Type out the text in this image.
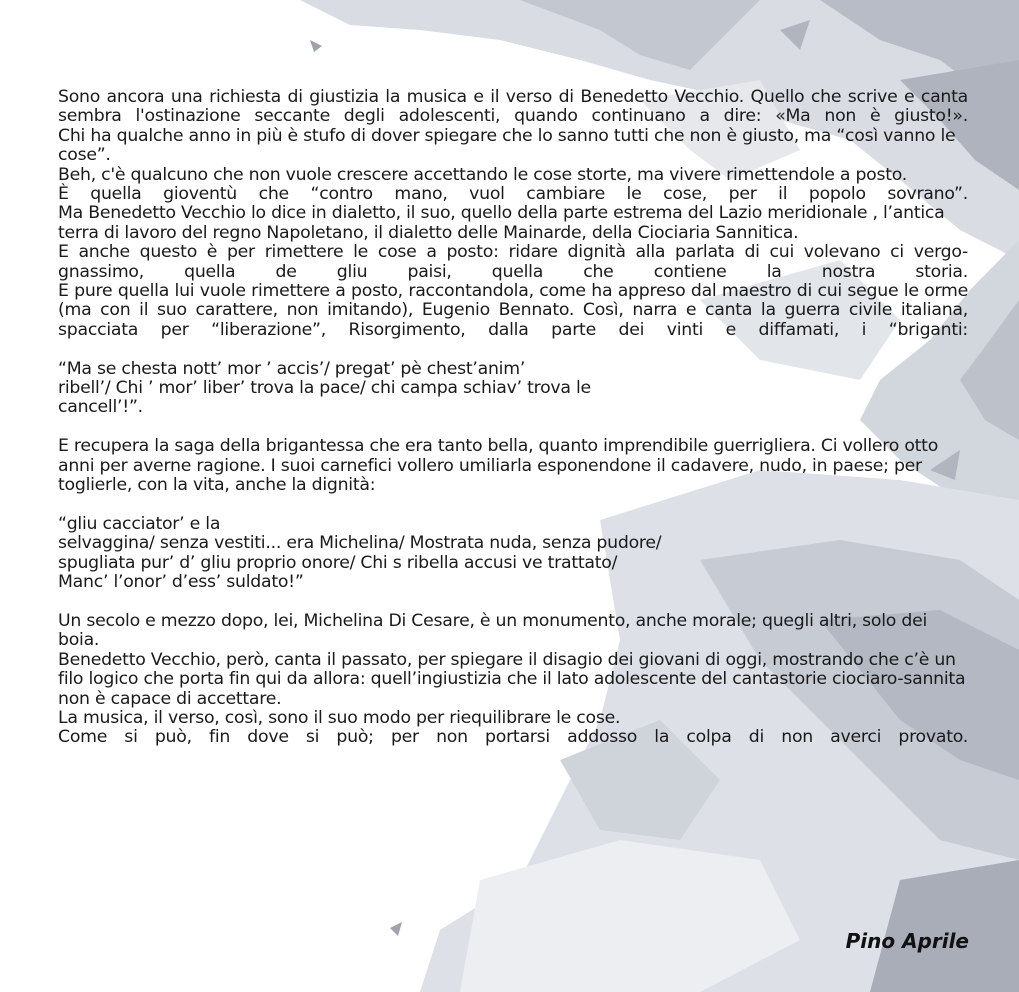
Sono ancora una richiesta di giustizia la musica e il verso di Benedetto Vecchio. Quello che scrive e canta sembra l'ostinazione seccante degli adolescenti, quando continuano a dire: «Ma non è giusto!».

Chi ha qualche anno in più è stufo di dover spiegare che lo sanno tutti che non è giusto, ma “così vanno le cose”.

Beh, c'è qualcuno che non vuole crescere accettando le cose storte, ma vivere rimettendole a posto.

È quella gioventù che “contro mano, vuol cambiare le cose, per il popolo sovrano”.

Ma Benedetto Vecchio lo dice in dialetto, il suo, quello della parte estrema del Lazio meridionale , l’antica terra di lavoro del regno Napoletano, il dialetto delle Mainarde, della Ciociaria Sannitica.

E anche questo è per rimettere le cose a posto: ridare dignità alla parlata di cui volevano ci vergo-gnassimo, quella de gliu paisi, quella che contiene la nostra storia.

E pure quella lui vuole rimettere a posto, raccontandola, come ha appreso dal maestro di cui segue le orme (ma con il suo carattere, non imitando), Eugenio Bennato. Così, narra e canta la guerra civile italiana, spacciata per “liberazione”, Risorgimento, dalla parte dei vinti e diffamati, i “briganti:

“Ma se chesta nott’ mor ’ accis’/ pregat’ pè chest’anim’

ribell’/ Chi ’ mor’ liber’ trova la pace/ chi campa schiav’ trova le

cancell’!”.

E recupera la saga della brigantessa che era tanto bella, quanto imprendibile guerrigliera. Ci vollero otto anni per averne ragione. I suoi carnefici vollero umiliarla esponendone il cadavere, nudo, in paese; per toglierle, con la vita, anche la dignità:

“gliu cacciator’ e la

selvaggina/ senza vestiti... era Michelina/ Mostrata nuda, senza pudore/

spugliata pur’ d’ gliu proprio onore/ Chi s ribella accusi ve trattato/

Manc’ l’onor’ d’ess’ suldato!”

Un secolo e mezzo dopo, lei, Michelina Di Cesare, è un monumento, anche morale; quegli altri, solo dei boia.

Benedetto Vecchio, però, canta il passato, per spiegare il disagio dei giovani di oggi, mostrando che c’è un filo logico che porta fin qui da allora: quell’ingiustizia che il lato adolescente del cantastorie ciociaro-sannita non è capace di accettare.

La musica, il verso, così, sono il suo modo per riequilibrare le cose.

Come si può, fin dove si può; per non portarsi addosso la colpa di non averci provato.

Pino Aprile
